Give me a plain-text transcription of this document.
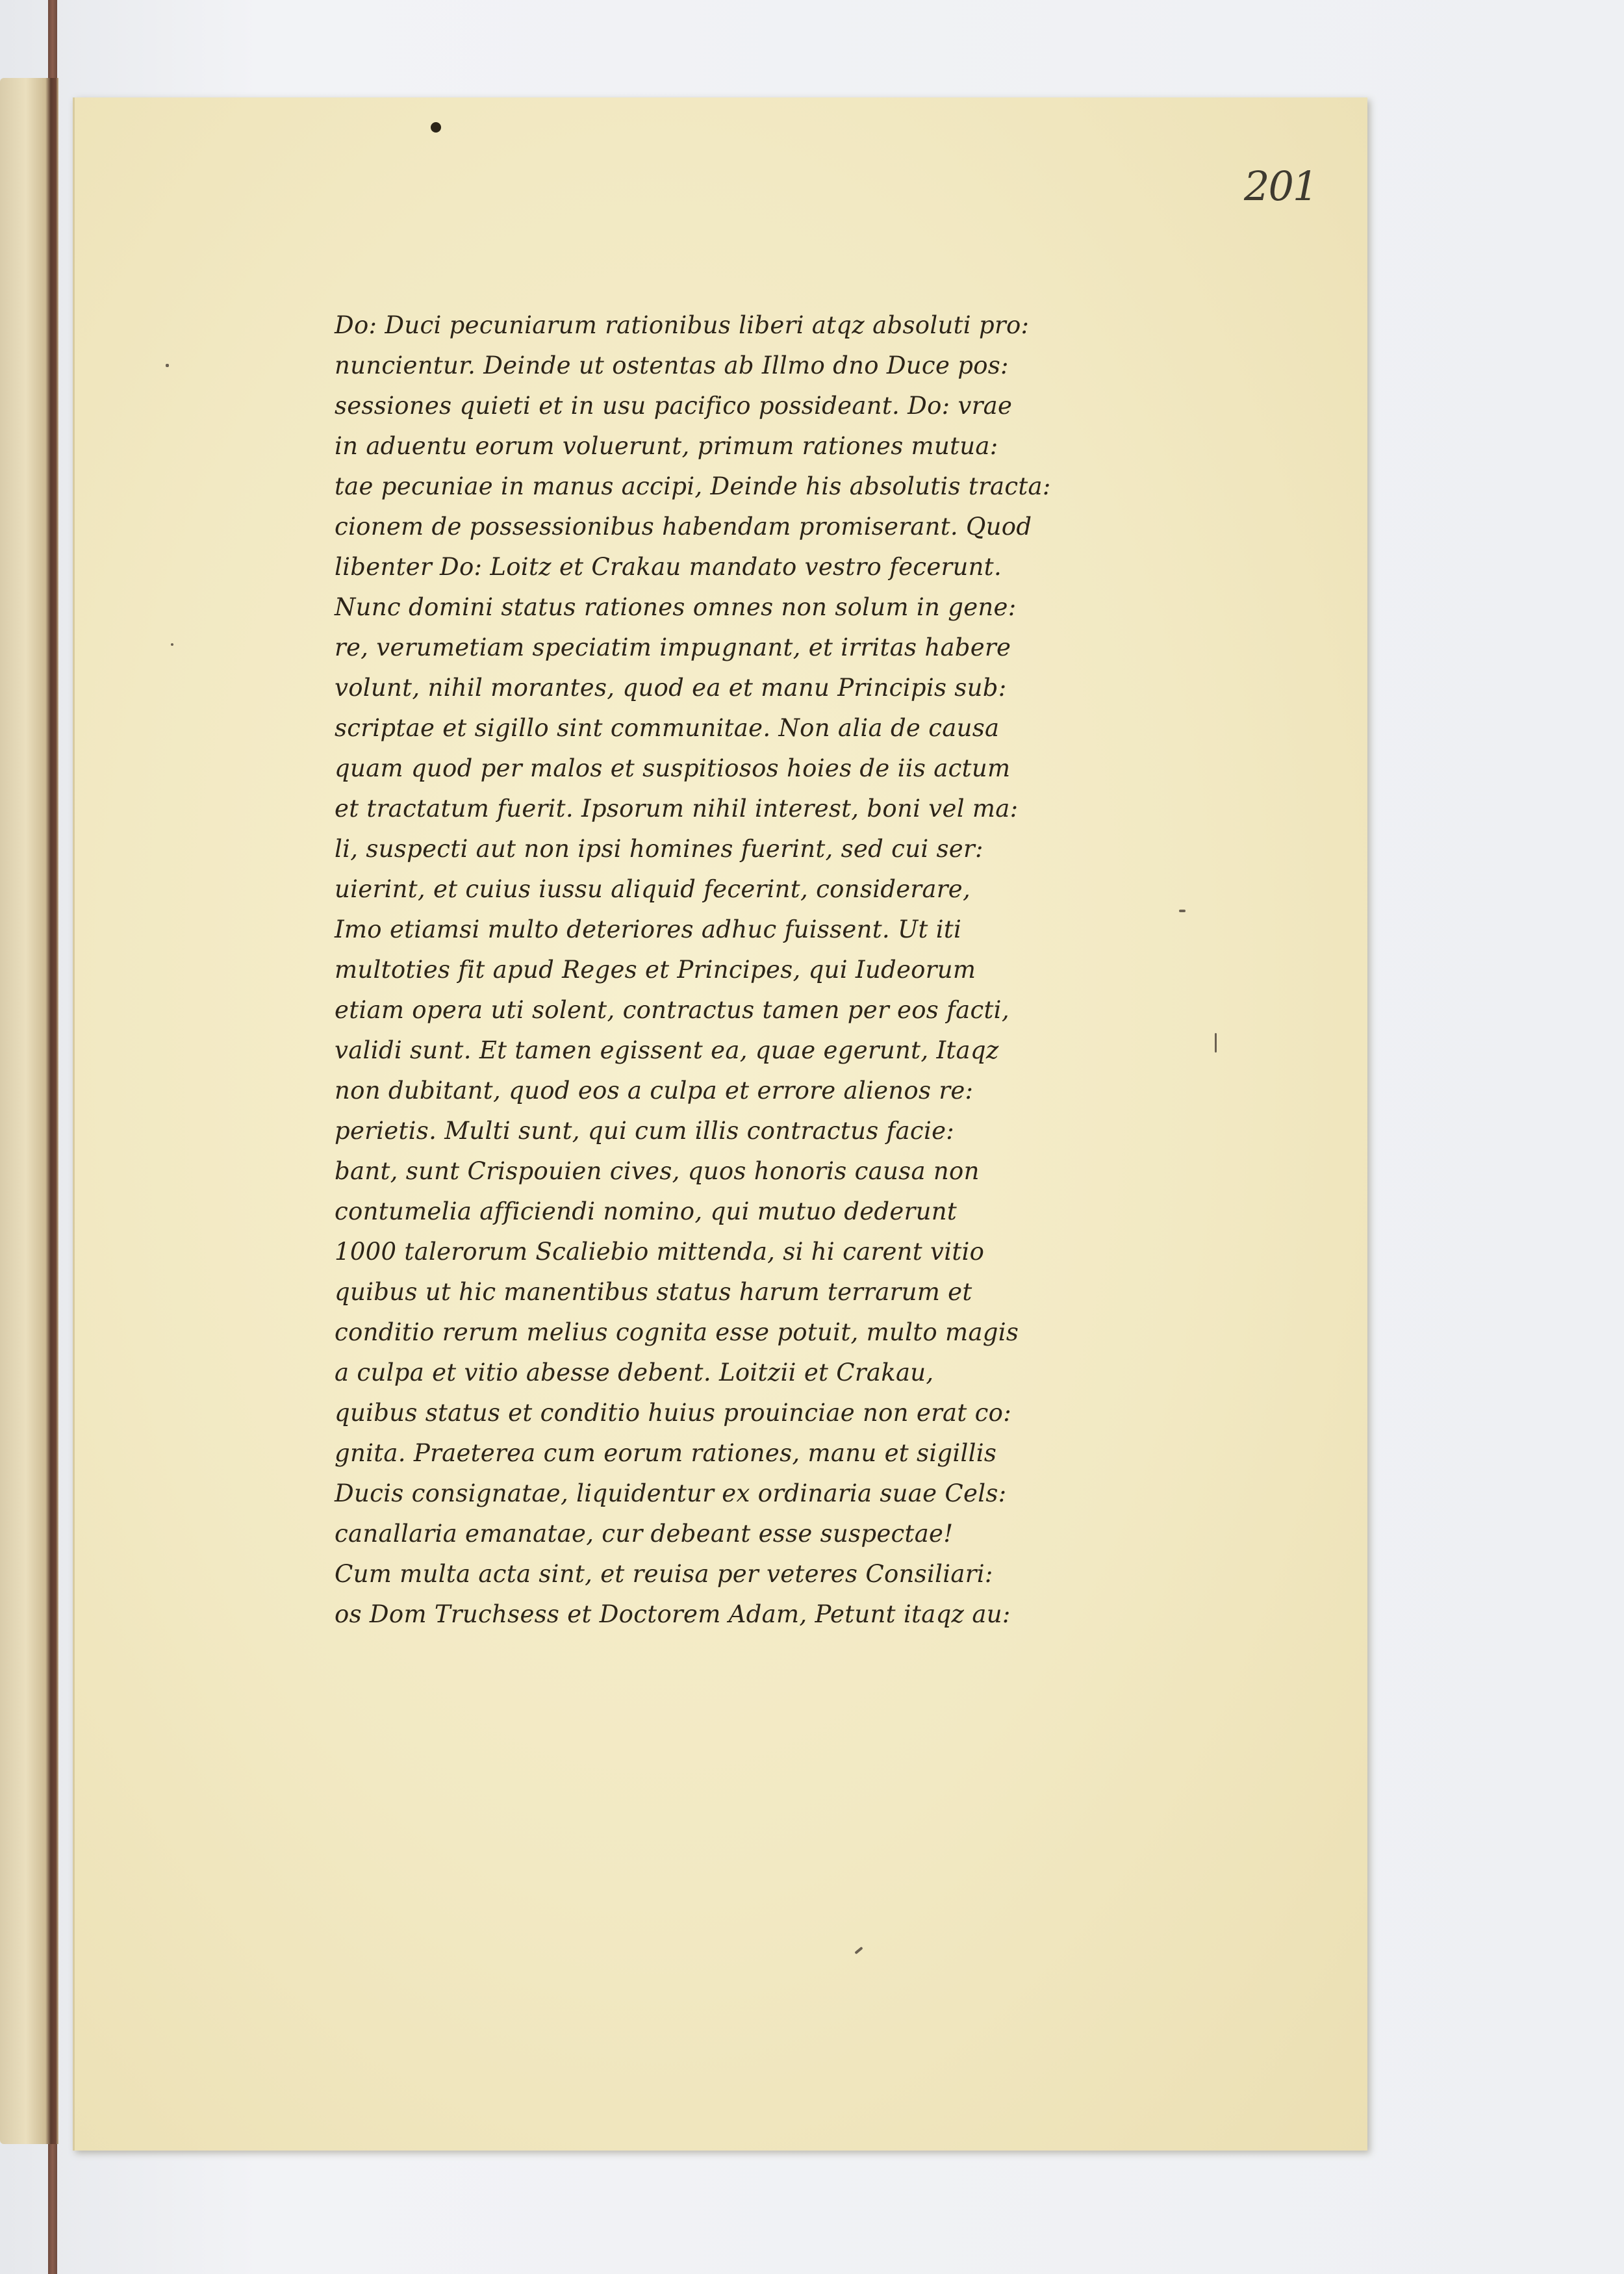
201
Do: Duci pecuniarum rationibus liberi atqz absoluti pro:
nuncientur. Deinde ut ostentas ab Illmo dno Duce pos:
sessiones quieti et in usu pacifico possideant. Do: vrae
in aduentu eorum voluerunt, primum rationes mutua:
tae pecuniae in manus accipi, Deinde his absolutis tracta:
cionem de possessionibus habendam promiserant. Quod
libenter Do: Loitz et Crakau mandato vestro fecerunt.
Nunc domini status rationes omnes non solum in gene:
re, verumetiam speciatim impugnant, et irritas habere
volunt, nihil morantes, quod ea et manu Principis sub:
scriptae et sigillo sint communitae. Non alia de causa
quam quod per malos et suspitiosos hoies de iis actum
et tractatum fuerit. Ipsorum nihil interest, boni vel ma:
li, suspecti aut non ipsi homines fuerint, sed cui ser:
uierint, et cuius iussu aliquid fecerint, considerare,
Imo etiamsi multo deteriores adhuc fuissent. Ut iti
multoties fit apud Reges et Principes, qui Iudeorum
etiam opera uti solent, contractus tamen per eos facti,
validi sunt. Et tamen egissent ea, quae egerunt, Itaqz
non dubitant, quod eos a culpa et errore alienos re:
perietis. Multi sunt, qui cum illis contractus facie:
bant, sunt Crispouien cives, quos honoris causa non
contumelia afficiendi nomino, qui mutuo dederunt
1000 talerorum Scaliebio mittenda, si hi carent vitio
quibus ut hic manentibus status harum terrarum et
conditio rerum melius cognita esse potuit, multo magis
a culpa et vitio abesse debent. Loitzii et Crakau,
quibus status et conditio huius prouinciae non erat co:
gnita. Praeterea cum eorum rationes, manu et sigillis
Ducis consignatae, liquidentur ex ordinaria suae Cels:
canallaria emanatae, cur debeant esse suspectae!
Cum multa acta sint, et reuisa per veteres Consiliari:
os Dom Truchsess et Doctorem Adam, Petunt itaqz au:
